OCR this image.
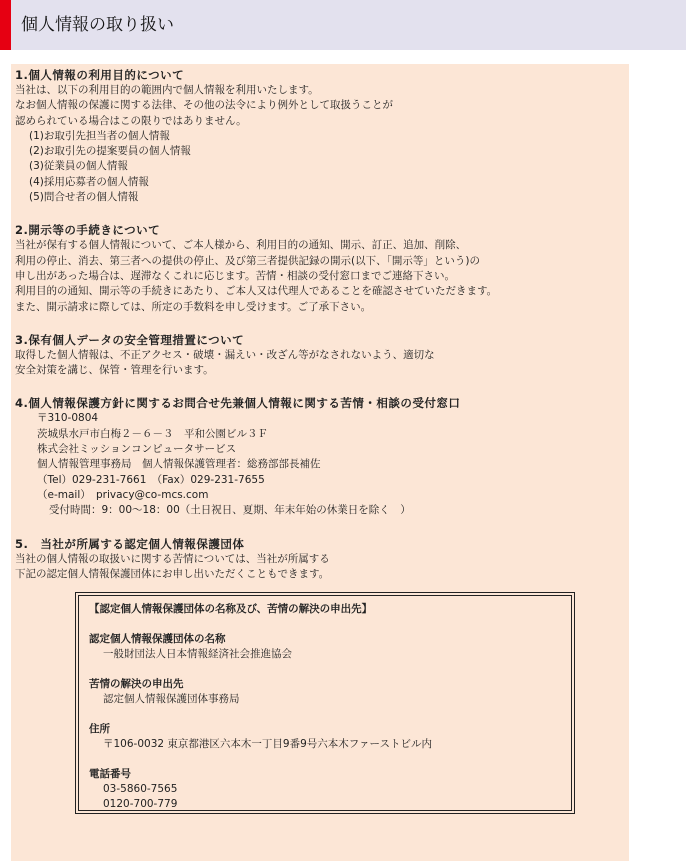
個人情報の取り扱い
1.個人情報の利用目的について

当社は、以下の利用目的の範囲内で個人情報を利用いたします。

なお個人情報の保護に関する法律、その他の法令により例外として取扱うことが

認められている場合はこの限りではありません。

(1)お取引先担当者の個人情報

(2)お取引先の提案要員の個人情報

(3)従業員の個人情報

(4)採用応募者の個人情報

(5)問合せ者の個人情報

2.開示等の手続きについて

当社が保有する個人情報について、ご本人様から、利用目的の通知、開示、訂正、追加、削除、

利用の停止、消去、第三者への提供の停止、及び第三者提供記録の開示(以下、「開示等」という)の

申し出があった場合は、遅滞なくこれに応じます。苦情・相談の受付窓口までご連絡下さい。

利用目的の通知、開示等の手続きにあたり、ご本人又は代理人であることを確認させていただきます。

また、開示請求に際しては、所定の手数料を申し受けます。ご了承下さい。

3.保有個人データの安全管理措置について

取得した個人情報は、不正アクセス・破壊・漏えい・改ざん等がなされないよう、適切な

安全対策を講じ、保管・管理を行います。

4.個人情報保護方針に関するお問合せ先兼個人情報に関する苦情・相談の受付窓口

〒310-0804

茨城県水戸市白梅２－６－３　平和公園ビル３Ｆ

株式会社ミッションコンピュータサービス

個人情報管理事務局　個人情報保護管理者：総務部部長補佐

（Tel）029-231-7661　（Fax）029-231-7655

（e-mail）　privacy@co-mcs.com

受付時間：9：00～18：00（土日祝日、夏期、年末年始の休業日を除く　）

5.　当社が所属する認定個人情報保護団体

当社の個人情報の取扱いに関する苦情については、当社が所属する

下記の認定個人情報保護団体にお申し出いただくこともできます。

【認定個人情報保護団体の名称及び、苦情の解決の申出先】

認定個人情報保護団体の名称

一般財団法人日本情報経済社会推進協会

苦情の解決の申出先

認定個人情報保護団体事務局

住所

〒106-0032 東京都港区六本木一丁目9番9号六本木ファーストビル内

電話番号

03-5860-7565

0120-700-779
